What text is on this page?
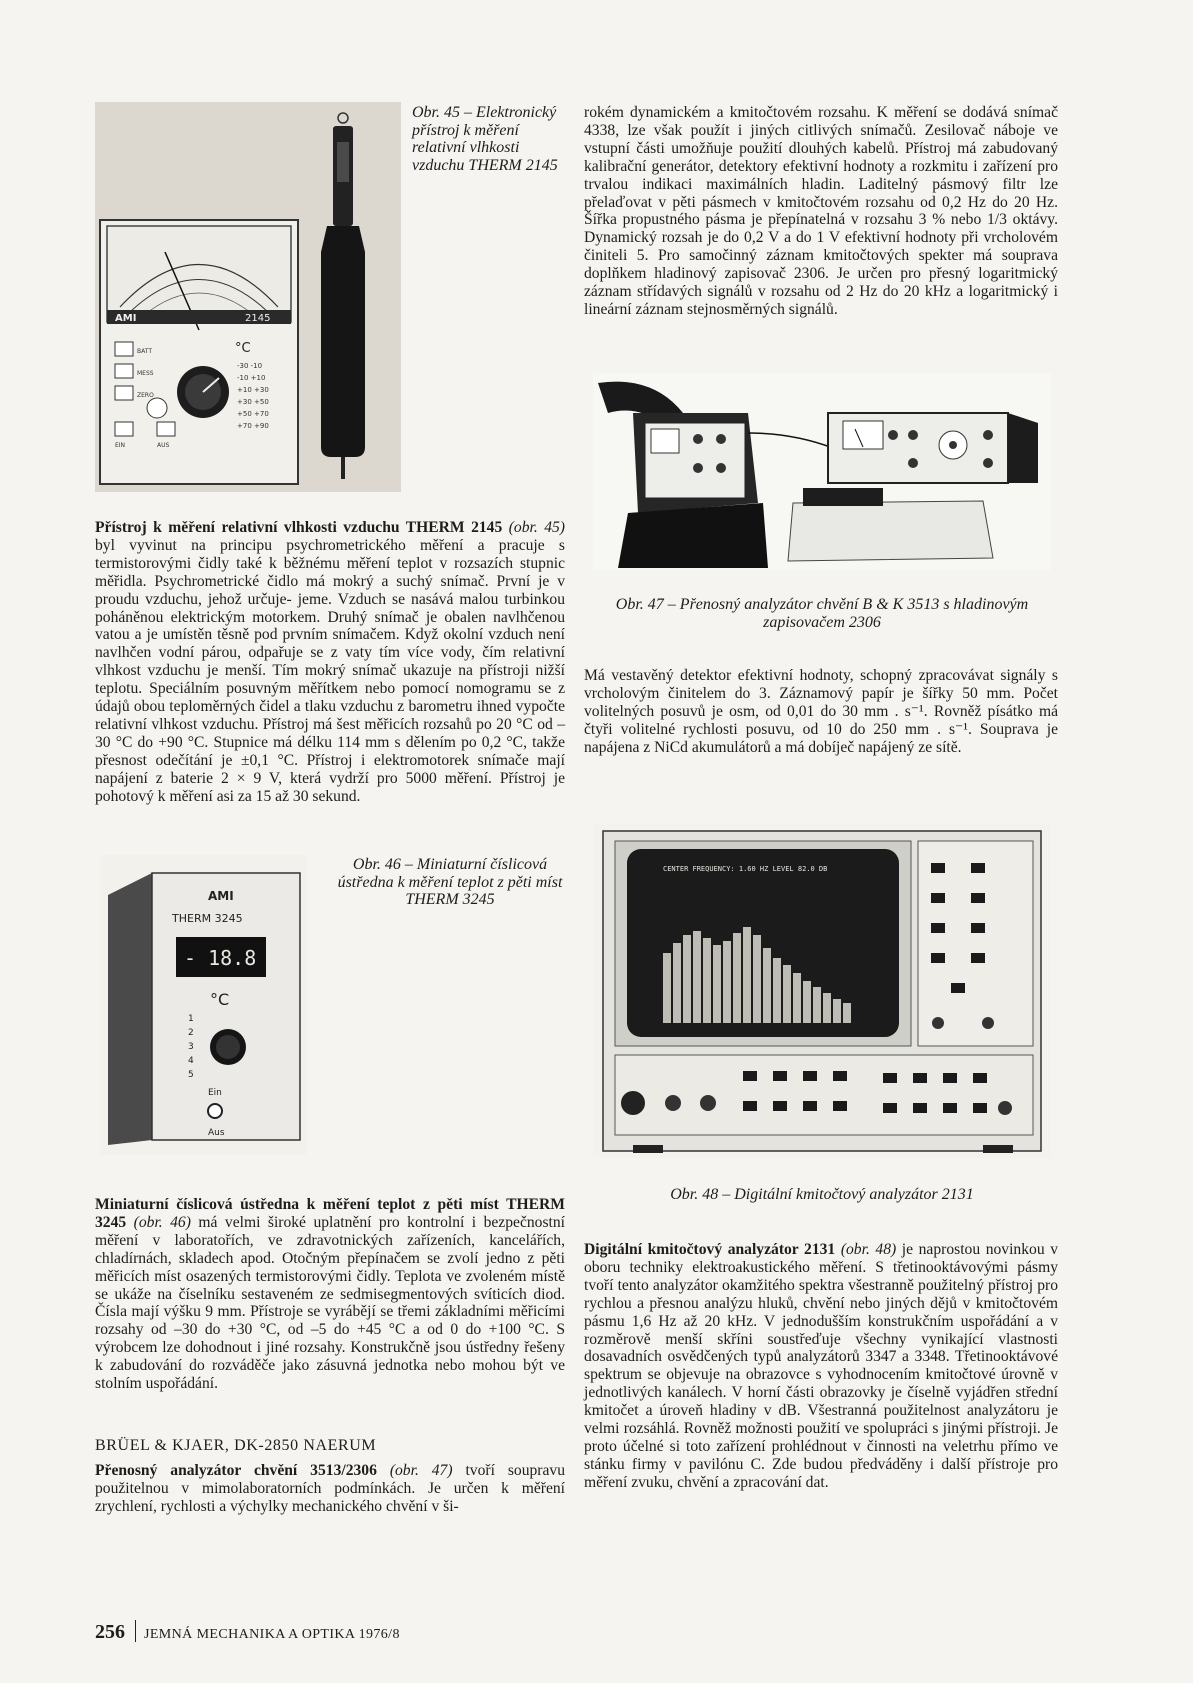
AMI	2145
BATT
MESS
ZERO
EIN	AUS
°C
-30 -10
-10 +10
+10 +30
+30 +50
+50 +70
+70 +90
Obr. 45 – Elektronický přístroj k měření relativní vlhkosti vzduchu THERM 2145
rokém dynamickém a kmitočtovém rozsahu. K měření se dodává snímač 4338, lze však použít i jiných citlivých snímačů. Zesilovač náboje ve vstupní části umožňuje použití dlouhých kabelů. Přístroj má zabudovaný kalibrační generátor, detektory efektivní hodnoty a rozkmitu i zařízení pro trvalou indikaci maximálních hladin. Laditelný pásmový filtr lze přelaďovat v pěti pásmech v kmitočtovém rozsahu od 0,2 Hz do 20 Hz. Šířka propustného pásma je přepínatelná v rozsahu 3 % nebo 1/3 oktávy. Dynamický rozsah je do 0,2 V a do 1 V efektivní hodnoty při vrcholovém činiteli 5. Pro samočinný záznam kmitočtových spekter má souprava doplňkem hladinový zapisovač 2306. Je určen pro přesný logaritmický záznam střídavých signálů v rozsahu od 2 Hz do 20 kHz a logaritmický i lineární záznam stejnosměrných signálů.
Obr. 47 – Přenosný analyzátor chvění B & K 3513 s hladinovým zapisovačem 2306
Přístroj k měření relativní vlhkosti vzduchu THERM 2145 (obr. 45) byl vyvinut na principu psychrometrického měření a pracuje s termistorovými čidly také k běžnému měření teplot v rozsazích stupnic měřidla. Psychrometrické čidlo má mokrý a suchý snímač. První je v proudu vzduchu, jehož určuje- jeme. Vzduch se nasává malou turbinkou poháněnou elektrickým motorkem. Druhý snímač je obalen navlhčenou vatou a je umístěn těsně pod prvním snímačem. Když okolní vzduch není navlhčen vodní párou, odpařuje se z vaty tím více vody, čím relativní vlhkost vzduchu je menší. Tím mokrý snímač ukazuje na přístroji nižší teplotu. Speciálním posuvným měřítkem nebo pomocí nomogramu se z údajů obou teploměrných čidel a tlaku vzduchu z barometru ihned vypočte relativní vlhkost vzduchu. Přístroj má šest měřicích rozsahů po 20 °C od –30 °C do +90 °C. Stupnice má délku 114 mm s dělením po 0,2 °C, takže přesnost odečítání je ±0,1 °C. Přístroj i elektromotorek snímače mají napájení z baterie 2 × 9 V, která vydrží pro 5000 měření. Přístroj je pohotový k měření asi za 15 až 30 sekund.
Má vestavěný detektor efektivní hodnoty, schopný zpracovávat signály s vrcholovým činitelem do 3. Záznamový papír je šířky 50 mm. Počet volitelných posuvů je osm, od 0,01 do 30 mm . s⁻¹. Rovněž písátko má čtyři volitelné rychlosti posuvu, od 10 do 250 mm . s⁻¹. Souprava je napájena z NiCd akumulátorů a má dobíječ napájený ze sítě.
AMI
THERM 3245
- 18.8
°C
1
2
3
4
5
Ein
Aus
Obr. 46 – Miniaturní číslicová ústředna k měření teplot z pěti míst THERM 3245
CENTER FREQUENCY: 1.60 HZ LEVEL 82.0 DB
Obr. 48 – Digitální kmitočtový analyzátor 2131
Miniaturní číslicová ústředna k měření teplot z pěti míst THERM 3245 (obr. 46) má velmi široké uplatnění pro kontrolní i bezpečnostní měření v laboratořích, ve zdravotnických zařízeních, kancelářích, chladírnách, skladech apod. Otočným přepínačem se zvolí jedno z pěti měřicích míst osazených termistorovými čidly. Teplota ve zvoleném místě se ukáže na číselníku sestaveném ze sedmisegmentových svíticích diod. Čísla mají výšku 9 mm. Přístroje se vyrábějí se třemi základními měřicími rozsahy od –30 do +30 °C, od –5 do +45 °C a od 0 do +100 °C. S výrobcem lze dohodnout i jiné rozsahy. Konstrukčně jsou ústředny řešeny k zabudování do rozváděče jako zásuvná jednotka nebo mohou být ve stolním uspořádání.
BRÜEL & KJAER, DK-2850 NAERUM
Přenosný analyzátor chvění 3513/2306 (obr. 47) tvoří soupravu použitelnou v mimolaboratorních podmínkách. Je určen k měření zrychlení, rychlosti a výchylky mechanického chvění v ši-
Digitální kmitočtový analyzátor 2131 (obr. 48) je naprostou novinkou v oboru techniky elektroakustického měření. S třetinooktávovými pásmy tvoří tento analyzátor okamžitého spektra všestranně použitelný přístroj pro rychlou a přesnou analýzu hluků, chvění nebo jiných dějů v kmitočtovém pásmu 1,6 Hz až 20 kHz. V jednodušším konstrukčním uspořádání a v rozměrově menší skříni soustřeďuje všechny vynikající vlastnosti dosavadních osvědčených typů analyzátorů 3347 a 3348. Třetinooktávové spektrum se objevuje na obrazovce s vyhodnocením kmitočtové úrovně v jednotlivých kanálech. V horní části obrazovky je číselně vyjádřen střední kmitočet a úroveň hladiny v dB. Všestranná použitelnost analyzátoru je velmi rozsáhlá. Rovněž možnosti použití ve spolupráci s jinými přístroji. Je proto účelné si toto zařízení prohlédnout v činnosti na veletrhu přímo ve stánku firmy v pavilónu C. Zde budou předváděny i další přístroje pro měření zvuku, chvění a zpracování dat.
256 JEMNÁ MECHANIKA A OPTIKA 1976/8
